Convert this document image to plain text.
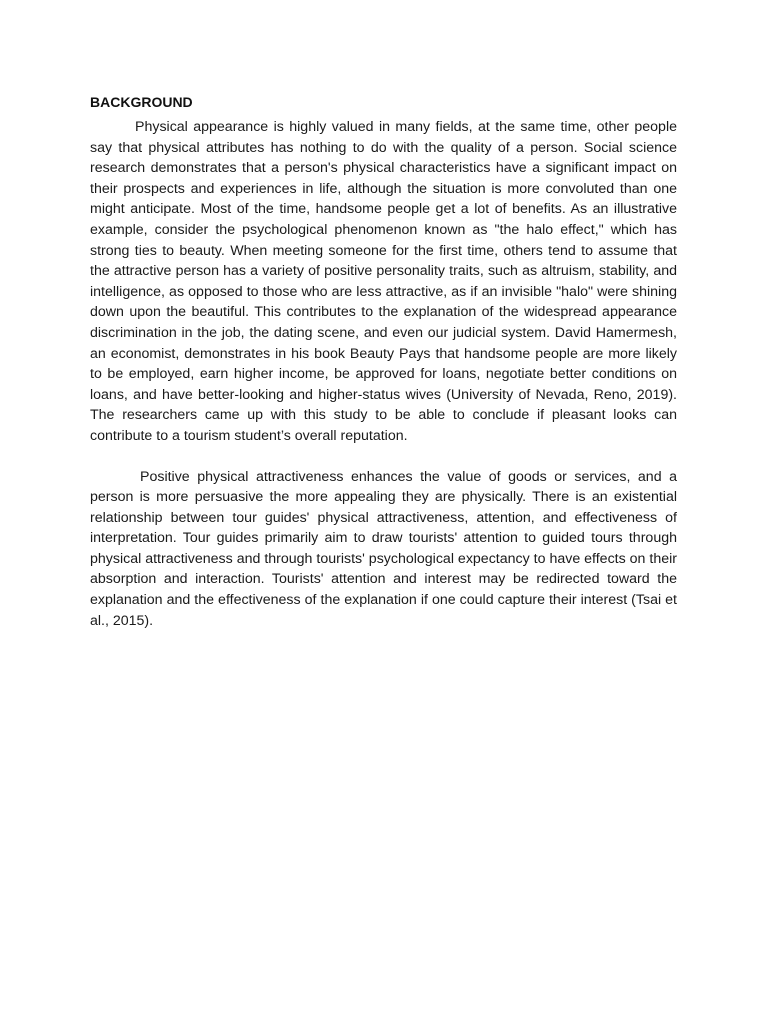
BACKGROUND

Physical appearance is highly valued in many fields, at the same time, other people say that physical attributes has nothing to do with the quality of a person. Social science research demonstrates that a person's physical characteristics have a significant impact on their prospects and experiences in life, although the situation is more convoluted than one might anticipate. Most of the time, handsome people get a lot of benefits. As an illustrative example, consider the psychological phenomenon known as "the halo effect," which has strong ties to beauty. When meeting someone for the first time, others tend to assume that the attractive person has a variety of positive personality traits, such as altruism, stability, and intelligence, as opposed to those who are less attractive, as if an invisible "halo" were shining down upon the beautiful. This contributes to the explanation of the widespread appearance discrimination in the job, the dating scene, and even our judicial system. David Hamermesh, an economist, demonstrates in his book Beauty Pays that handsome people are more likely to be employed, earn higher income, be approved for loans, negotiate better conditions on loans, and have better-looking and higher-status wives (University of Nevada, Reno, 2019). The researchers came up with this study to be able to conclude if pleasant looks can contribute to a tourism student’s overall reputation.

Positive physical attractiveness enhances the value of goods or services, and a person is more persuasive the more appealing they are physically. There is an existential relationship between tour guides' physical attractiveness, attention, and effectiveness of interpretation. Tour guides primarily aim to draw tourists' attention to guided tours through physical attractiveness and through tourists' psychological expectancy to have effects on their absorption and interaction. Tourists' attention and interest may be redirected toward the explanation and the effectiveness of the explanation if one could capture their interest (Tsai et al., 2015).
